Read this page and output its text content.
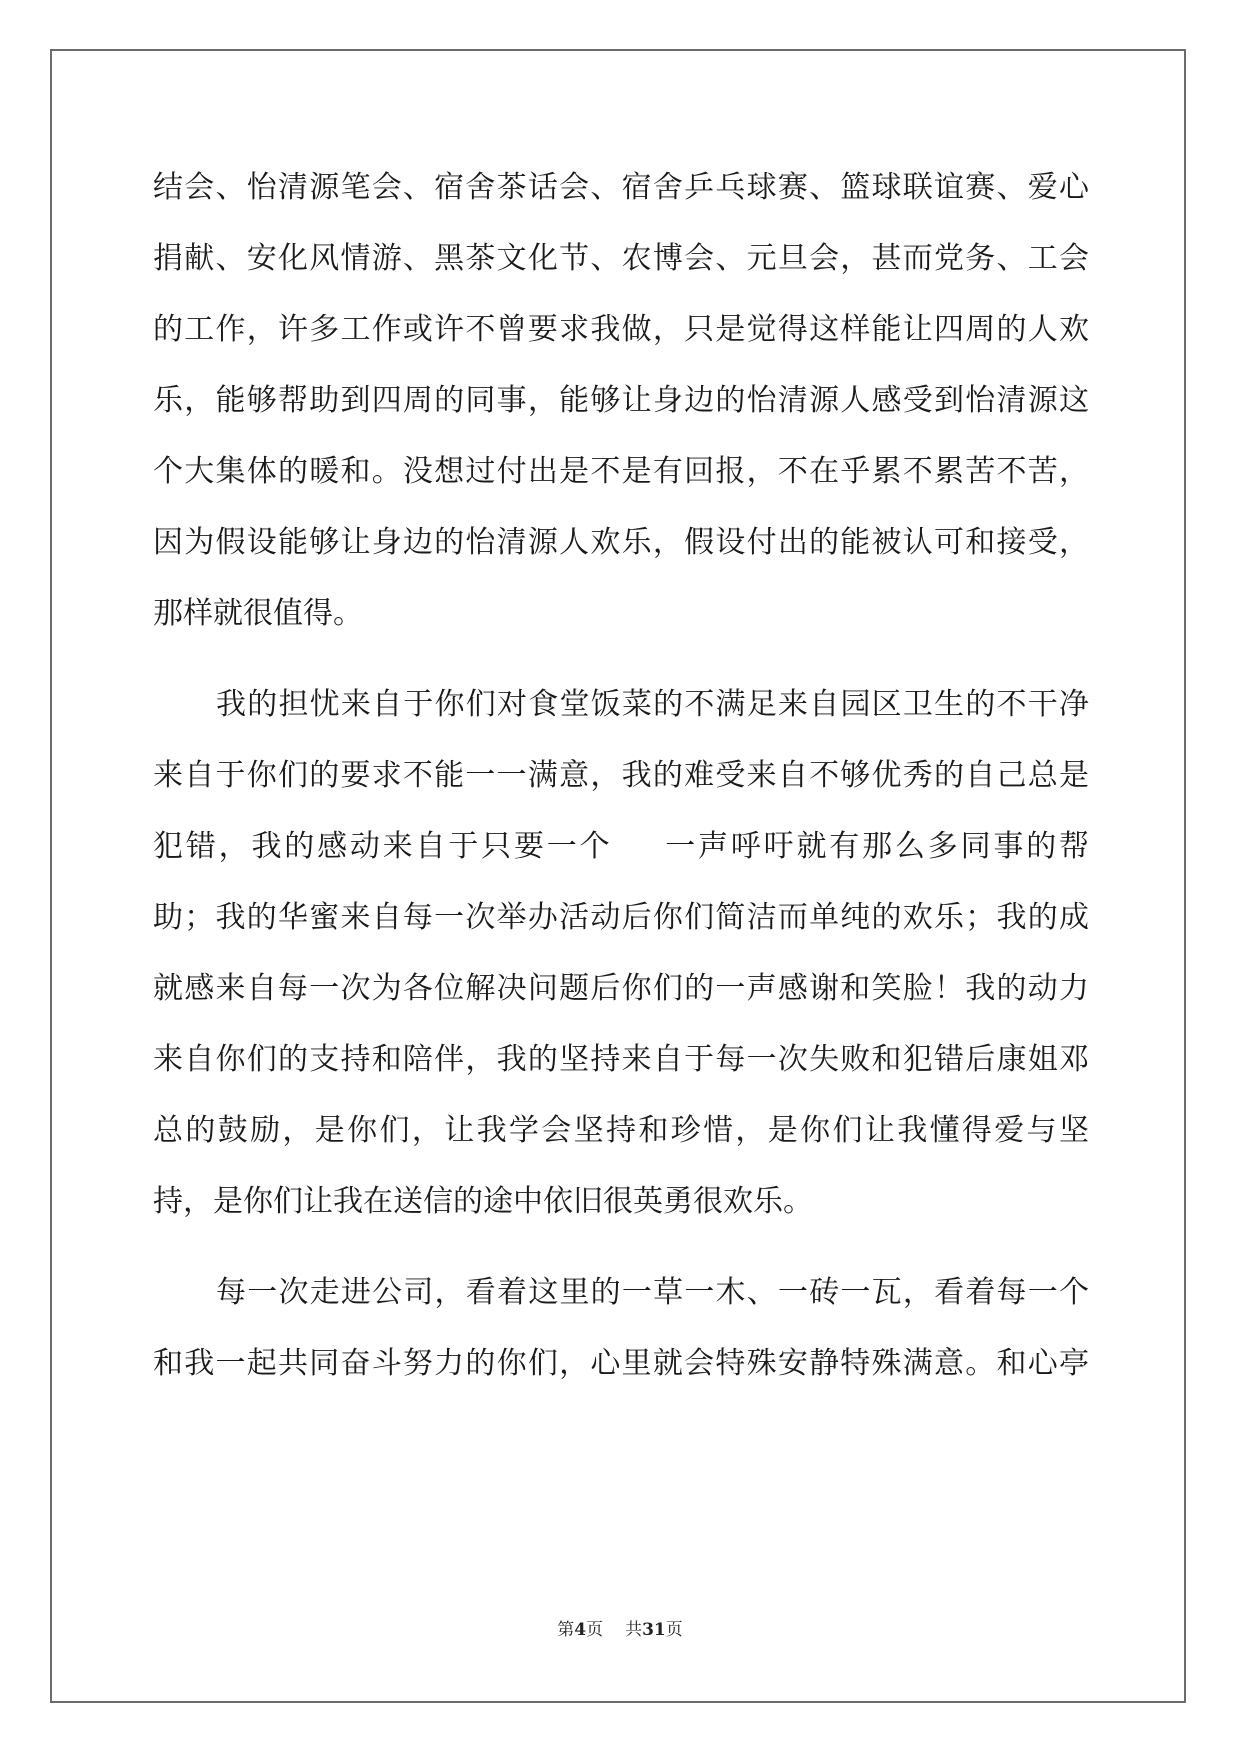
结会、怡清源笔会、宿舍茶话会、宿舍乒乓球赛、篮球联谊赛、爱心

捐献、安化风情游、黑茶文化节、农博会、元旦会，甚而党务、工会

的工作，许多工作或许不曾要求我做，只是觉得这样能让四周的人欢

乐，能够帮助到四周的同事，能够让身边的怡清源人感受到怡清源这

个大集体的暖和。没想过付出是不是有回报，不在乎累不累苦不苦，

因为假设能够让身边的怡清源人欢乐，假设付出的能被认可和接受，

那样就很值得。

我的担忧来自于你们对食堂饭菜的不满足来自园区卫生的不干净

来自于你们的要求不能一一满意，我的难受来自不够优秀的自己总是

犯错，我的感动来自于只要一个 一声呼吁就有那么多同事的帮

助；我的华蜜来自每一次举办活动后你们简洁而单纯的欢乐；我的成

就感来自每一次为各位解决问题后你们的一声感谢和笑脸！我的动力

来自你们的支持和陪伴，我的坚持来自于每一次失败和犯错后康姐邓

总的鼓励，是你们，让我学会坚持和珍惜，是你们让我懂得爱与坚

持，是你们让我在送信的途中依旧很英勇很欢乐。

每一次走进公司，看着这里的一草一木、一砖一瓦，看着每一个

和我一起共同奋斗努力的你们，心里就会特殊安静特殊满意。和心亭

第4页 共31页
